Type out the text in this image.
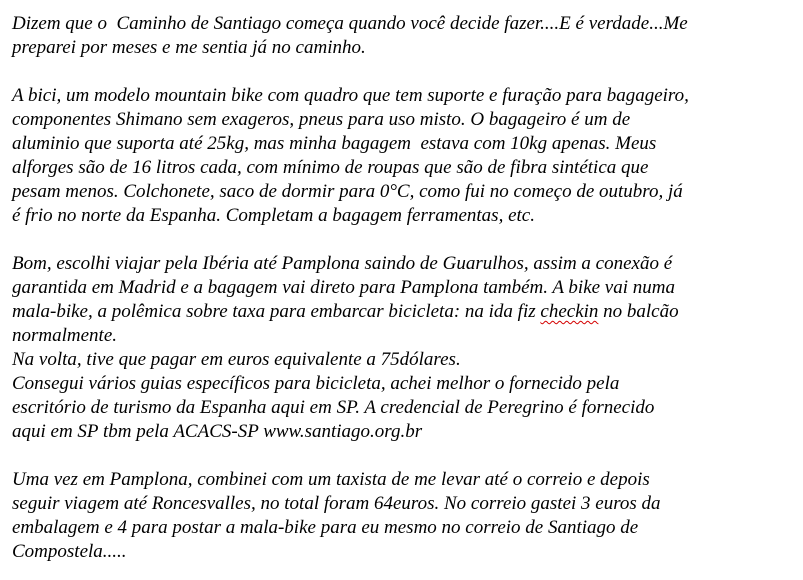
Dizem que o  Caminho de Santiago começa quando você decide fazer....E é verdade...Me
preparei por meses e me sentia já no caminho.
A bici, um modelo mountain bike com quadro que tem suporte e furação para bagageiro,
componentes Shimano sem exageros, pneus para uso misto. O bagageiro é um de
aluminio que suporta até 25kg, mas minha bagagem  estava com 10kg apenas. Meus
alforges são de 16 litros cada, com mínimo de roupas que são de fibra sintética que
pesam menos. Colchonete, saco de dormir para 0°C, como fui no começo de outubro, já
é frio no norte da Espanha. Completam a bagagem ferramentas, etc.
Bom, escolhi viajar pela Ibéria até Pamplona saindo de Guarulhos, assim a conexão é
garantida em Madrid e a bagagem vai direto para Pamplona também. A bike vai numa
mala-bike, a polêmica sobre taxa para embarcar bicicleta: na ida fiz checkin no balcão
normalmente.
Na volta, tive que pagar em euros equivalente a 75dólares.
Consegui vários guias específicos para bicicleta, achei melhor o fornecido pela
escritório de turismo da Espanha aqui em SP. A credencial de Peregrino é fornecido
aqui em SP tbm pela ACACS-SP www.santiago.org.br
Uma vez em Pamplona, combinei com um taxista de me levar até o correio e depois
seguir viagem até Roncesvalles, no total foram 64euros. No correio gastei 3 euros da
embalagem e 4 para postar a mala-bike para eu mesmo no correio de Santiago de
Compostela.....
